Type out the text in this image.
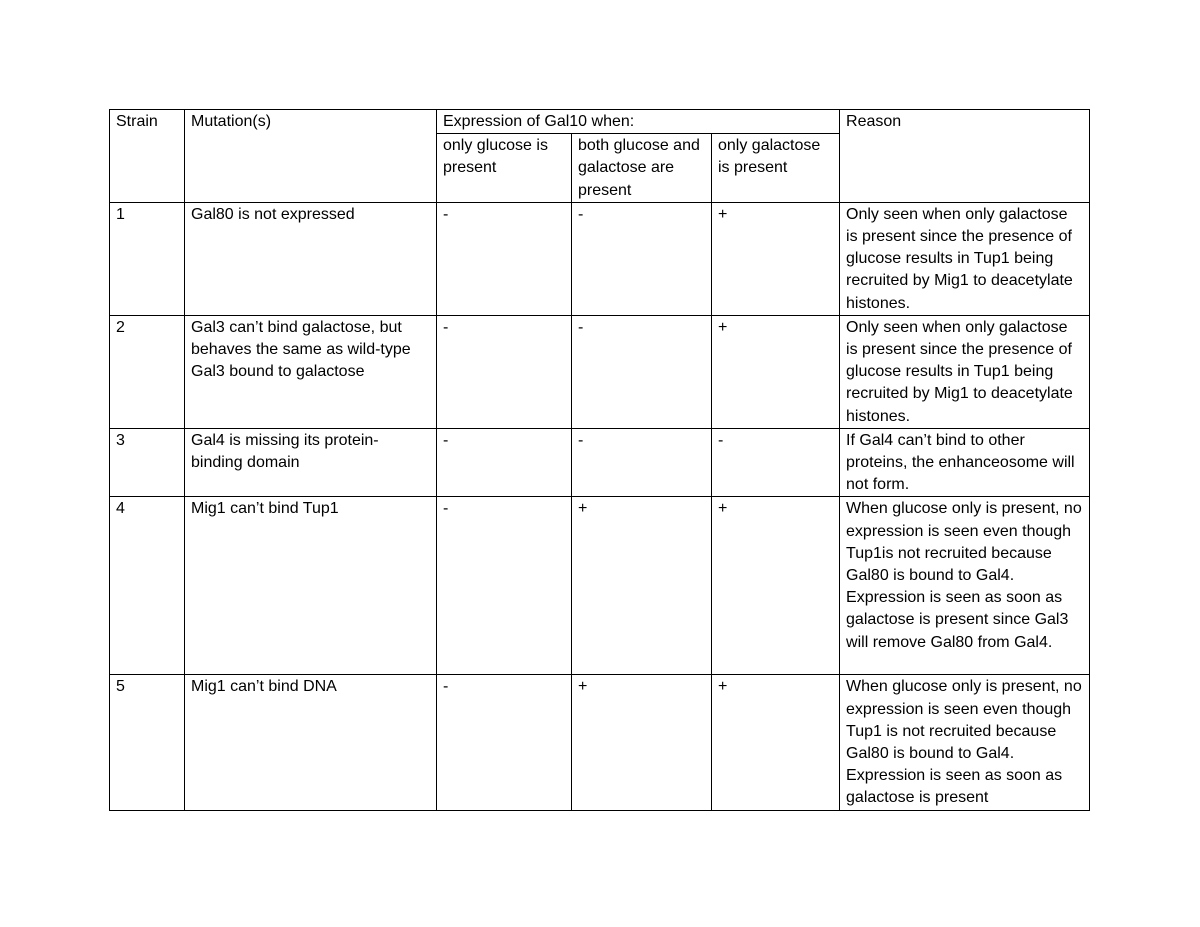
Strain	Mutation(s)	Expression of Gal10 when:			Reason
		only glucose is present	both glucose and galactose are present	only galactose is present	
1	Gal80 is not expressed	-	-	+	Only seen when only galactose is present since the presence of glucose results in Tup1 being recruited by Mig1 to deacetylate histones.
2	Gal3 can’t bind galactose, but behaves the same as wild-type Gal3 bound to galactose	-	-	+	Only seen when only galactose is present since the presence of glucose results in Tup1 being recruited by Mig1 to deacetylate histones.
3	Gal4 is missing its protein-binding domain	-	-	-	If Gal4 can’t bind to other proteins, the enhanceosome will not form.
4	Mig1 can’t bind Tup1	-	+	+	When glucose only is present, no expression is seen even though Tup1is not recruited because Gal80 is bound to Gal4. Expression is seen as soon as galactose is present since Gal3 will remove Gal80 from Gal4.
5	Mig1 can’t bind DNA	-	+	+	When glucose only is present, no expression is seen even though Tup1 is not recruited because Gal80 is bound to Gal4. Expression is seen as soon as galactose is present
